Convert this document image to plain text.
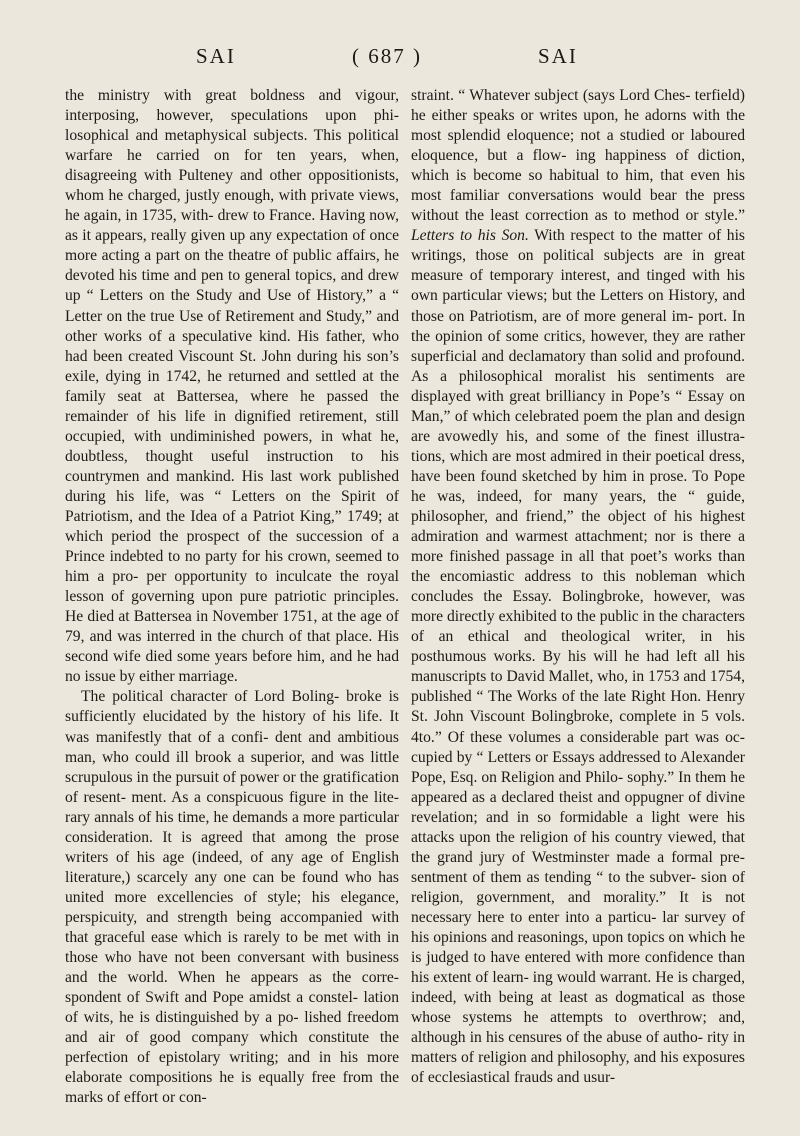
SAI	( 687 )	SAI

the ministry with great boldness and vigour, interposing, however, speculations upon phi- losophical and metaphysical subjects. This political warfare he carried on for ten years, when, disagreeing with Pulteney and other oppositionists, whom he charged, justly enough, with private views, he again, in 1735, with- drew to France. Having now, as it appears, really given up any expectation of once more acting a part on the theatre of public affairs, he devoted his time and pen to general topics, and drew up “ Letters on the Study and Use of History,” a “ Letter on the true Use of Retirement and Study,” and other works of a speculative kind. His father, who had been created Viscount St. John during his son’s exile, dying in 1742, he returned and settled at the family seat at Battersea, where he passed the remainder of his life in dignified retirement, still occupied, with undiminished powers, in what he, doubtless, thought useful instruction to his countrymen and mankind. His last work published during his life, was “ Letters on the Spirit of Patriotism, and the Idea of a Patriot King,” 1749; at which period the prospect of the succession of a Prince indebted to no party for his crown, seemed to him a pro- per opportunity to inculcate the royal lesson of governing upon pure patriotic principles. He died at Battersea in November 1751, at the age of 79, and was interred in the church of that place. His second wife died some years before him, and he had no issue by either marriage.

The political character of Lord Boling- broke is sufficiently elucidated by the history of his life. It was manifestly that of a confi- dent and ambitious man, who could ill brook a superior, and was little scrupulous in the pursuit of power or the gratification of resent- ment. As a conspicuous figure in the lite- rary annals of his time, he demands a more particular consideration. It is agreed that among the prose writers of his age (indeed, of any age of English literature,) scarcely any one can be found who has united more excellencies of style; his elegance, perspicuity, and strength being accompanied with that graceful ease which is rarely to be met with in those who have not been conversant with business and the world. When he appears as the corre- spondent of Swift and Pope amidst a constel- lation of wits, he is distinguished by a po- lished freedom and air of good company which constitute the perfection of epistolary writing; and in his more elaborate compositions he is equally free from the marks of effort or con-

straint. “ Whatever subject (says Lord Ches- terfield) he either speaks or writes upon, he adorns with the most splendid eloquence; not a studied or laboured eloquence, but a flow- ing happiness of diction, which is become so habitual to him, that even his most familiar conversations would bear the press without the least correction as to method or style.” Letters to his Son. With respect to the matter of his writings, those on political subjects are in great measure of temporary interest, and tinged with his own particular views; but the Letters on History, and those on Patriotism, are of more general im- port. In the opinion of some critics, however, they are rather superficial and declamatory than solid and profound. As a philosophical moralist his sentiments are displayed with great brilliancy in Pope’s “ Essay on Man,” of which celebrated poem the plan and design are avowedly his, and some of the finest illustra- tions, which are most admired in their poetical dress, have been found sketched by him in prose. To Pope he was, indeed, for many years, the “ guide, philosopher, and friend,” the object of his highest admiration and warmest attachment; nor is there a more finished passage in all that poet’s works than the encomiastic address to this nobleman which concludes the Essay. Bolingbroke, however, was more directly exhibited to the public in the characters of an ethical and theological writer, in his posthumous works. By his will he had left all his manuscripts to David Mallet, who, in 1753 and 1754, published “ The Works of the late Right Hon. Henry St. John Viscount Bolingbroke, complete in 5 vols. 4to.” Of these volumes a considerable part was oc- cupied by “ Letters or Essays addressed to Alexander Pope, Esq. on Religion and Philo- sophy.” In them he appeared as a declared theist and oppugner of divine revelation; and in so formidable a light were his attacks upon the religion of his country viewed, that the grand jury of Westminster made a formal pre- sentment of them as tending “ to the subver- sion of religion, government, and morality.” It is not necessary here to enter into a particu- lar survey of his opinions and reasonings, upon topics on which he is judged to have entered with more confidence than his extent of learn- ing would warrant. He is charged, indeed, with being at least as dogmatical as those whose systems he attempts to overthrow; and, although in his censures of the abuse of autho- rity in matters of religion and philosophy, and his exposures of ecclesiastical frauds and usur-
